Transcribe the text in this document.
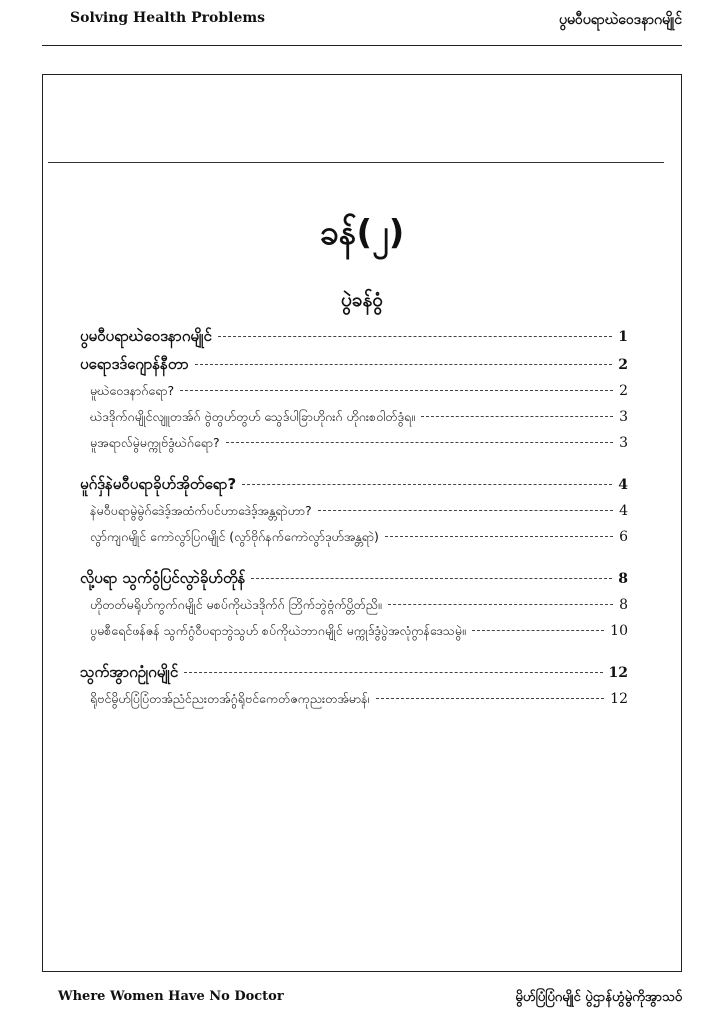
Solving Health Problems	ပွမဝီပရာဃဲဝေဒနာဂမျိုင်
ခန်(၂)
ပွဲခန်ဝွံ
ပွမဝီပရာဃဲဝေဒနာဂမျိုင်	1
ပရောဒဒ်ဂျောန်နီတာ	2
မူဃဲဝေဒနာဂ်ရော?	2
ဃဲဒဒိုက်ဂမျိုင်လျူတအ်ဂ် ဗွဲတွဟ်တွဟ် သွေဒ်ပါခြာဟိုဂးဂ် ဟိုဂးစဝါတ်ဒွံရ။	3
မူအရာလ်မွဲမက္ကုဗ်ဒွံဃဲဂ်ရော?	3
မူဂ်ဒှ်နဲမဝီပရာခိုဟ်အိုတ်ရော?	4
နဲမဝီပရာမွဲမွဲဂ်ဒေဲဒ့်အထံက်ပင်ဟာဒေဲဒ့်အန္တရာဲဟာ?	4
လွာ်ကျဂမျိုင် ကောဲလွာ်ပြဂမျိုင် (လွာ်ဗိုဂ်နက်ကောဲလွာ်ဒုဟ်အန္တရာဲ)	6
လို့ပရာ သွက်ဝွံပြင်လွာဲခိုဟ်တိုန်	8
ဟိုတတ်မရိုဟ်ကွက်ဂမျိုင် မစပ်ကိုဃဲဒဒိုက်ဂ် ဘြိက်ဘွဲဗ္ဂံက်ပ္တိတ်ညိ။	8
ပွမစီရေင်ဖန်ဇန် သွက်ဂွံဝီပရာဘွဲသွဟ် စပ်ကိုဃဲဘာဂမျိုင် မက္ကုဒ်ဒွံပွဲအလုံဂွာန်ဒေသမွဲ။	10
သွက်အွာဂဥုံဂမျိုင်	12
ရိုဗင်မွိဟ်ပြံပြံတအ်ညံင်ညးတအ်ဂွံရိုဗင်ကေတ်ဇကုညးတအ်မာန်၊	12
Where Women Have No Doctor	မွိဟ်ပြံပြံဂမျိုင် ပွဲဌာန်ဟွံမွဲကိုအွာသဝ်
